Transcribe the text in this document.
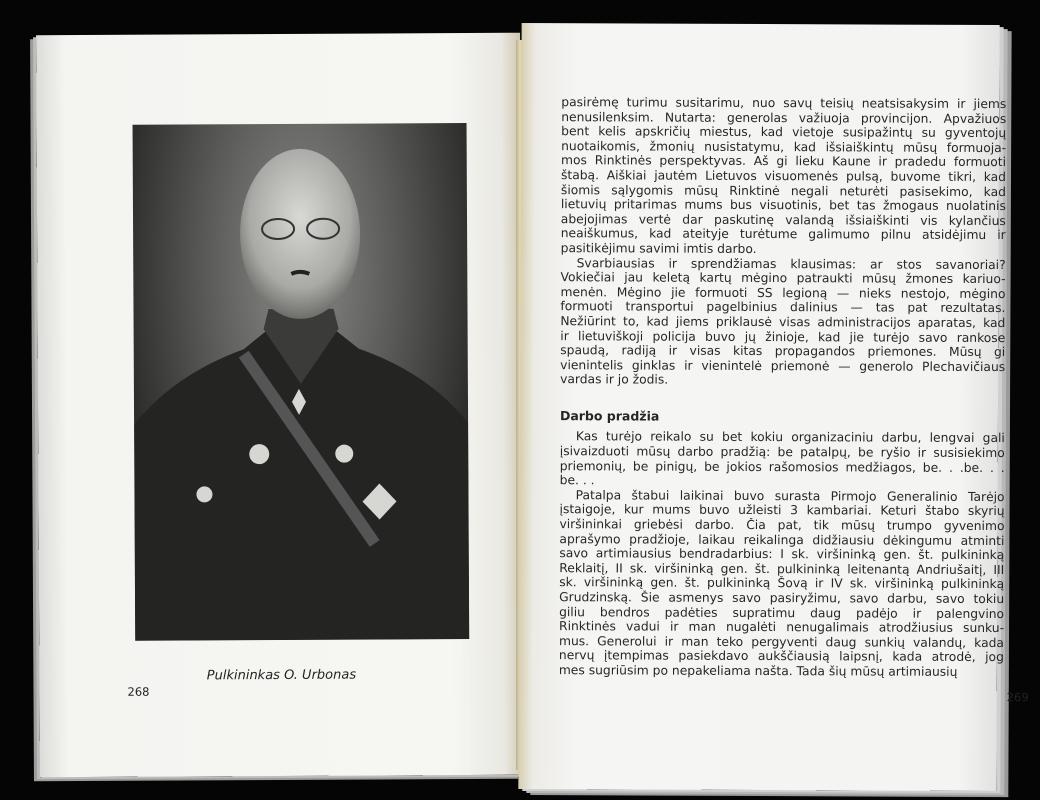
Pulkininkas O. Urbonas
268
pasirėmę turimu susitarimu, nuo savų teisių neatsisakysim ir jiems
nenusilenksim. Nutarta: generolas važiuoja provincijon. Apvažiuos
bent kelis apskričių miestus, kad vietoje susipažintų su gyventojų
nuotaikomis, žmonių nusistatymu, kad išsiaiškintų mūsų formuoja-
mos Rinktinės perspektyvas. Aš gi lieku Kaune ir pradedu formuoti
štabą. Aiškiai jautėm Lietuvos visuomenės pulsą, buvome tikri, kad
šiomis sąlygomis mūsų Rinktinė negali neturėti pasisekimo, kad
lietuvių pritarimas mums bus visuotinis, bet tas žmogaus nuolatinis
abejojimas vertė dar paskutinę valandą išsiaiškinti vis kylančius
neaiškumus, kad ateityje turėtume galimumo pilnu atsidėjimu ir
pasitikėjimu savimi imtis darbo.
Svarbiausias ir sprendžiamas klausimas: ar stos savanoriai?
Vokiečiai jau keletą kartų mėgino patraukti mūsų žmones kariuo-
menėn. Mėgino jie formuoti SS legioną — nieks nestojo, mėgino
formuoti transportui pagelbinius dalinius — tas pat rezultatas.
Nežiūrint to, kad jiems priklausė visas administracijos aparatas, kad
ir lietuviškoji policija buvo jų žinioje, kad jie turėjo savo rankose
spaudą, radiją ir visas kitas propagandos priemones. Mūsų gi
vienintelis ginklas ir vienintelė priemonė — generolo Plechavičiaus
vardas ir jo žodis.
Darbo pradžia
Kas turėjo reikalo su bet kokiu organizaciniu darbu, lengvai gali
įsivaizduoti mūsų darbo pradžią: be patalpų, be ryšio ir susisiekimo
priemonių, be pinigų, be jokios rašomosios medžiagos, be. . .be. . .
be. . .
Patalpa štabui laikinai buvo surasta Pirmojo Generalinio Tarėjo
įstaigoje, kur mums buvo užleisti 3 kambariai. Keturi štabo skyrių
viršininkai griebėsi darbo. Čia pat, tik mūsų trumpo gyvenimo
aprašymo pradžioje, laikau reikalinga didžiausiu dėkingumu atminti
savo artimiausius bendradarbius: I sk. viršininką gen. št. pulkininką
Reklaitį, II sk. viršininką gen. št. pulkininką leitenantą Andriušaitį, III
sk. viršininką gen. št. pulkininką Šovą ir IV sk. viršininką pulkininką
Grudzinską. Šie asmenys savo pasiryžimu, savo darbu, savo tokiu
giliu bendros padėties supratimu daug padėjo ir palengvino
Rinktinės vadui ir man nugalėti nenugalimais atrodžiusius sunku-
mus. Generolui ir man teko pergyventi daug sunkių valandų, kada
nervų įtempimas pasiekdavo aukščiausią laipsnį, kada atrodė, jog
mes sugriūsim po nepakeliama našta. Tada šių mūsų artimiausių
269
